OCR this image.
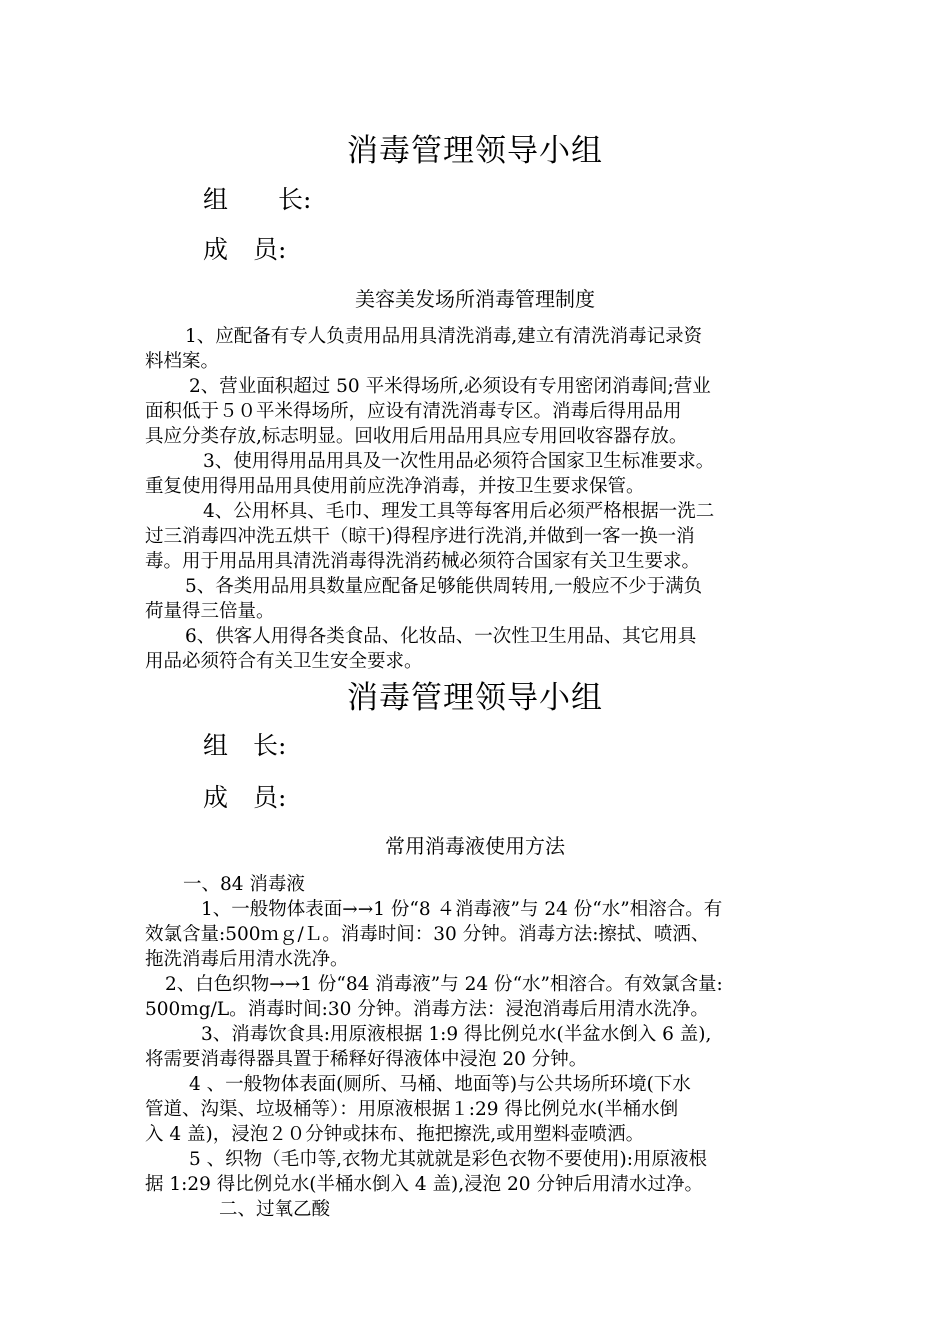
消毒管理领导小组
组　　长:
成　员:
美容美发场所消毒管理制度
1、应配备有专人负责用品用具清洗消毒,建立有清洗消毒记录资
料档案。
2、营业面积超过 50 平米得场所,必须设有专用密闭消毒间;营业
面积低于５０平米得场所，应设有清洗消毒专区。消毒后得用品用
具应分类存放,标志明显。回收用后用品用具应专用回收容器存放。
3、使用得用品用具及一次性用品必须符合国家卫生标准要求。
重复使用得用品用具使用前应洗净消毒，并按卫生要求保管。
4、公用杯具、毛巾、理发工具等每客用后必须严格根据一洗二
过三消毒四冲洗五烘干（晾干)得程序进行洗消,并做到一客一换一消
毒。用于用品用具清洗消毒得洗消药械必须符合国家有关卫生要求。
5、各类用品用具数量应配备足够能供周转用,一般应不少于满负
荷量得三倍量。
6、供客人用得各类食品、化妆品、一次性卫生用品、其它用具
用品必须符合有关卫生安全要求。
消毒管理领导小组
组　长:
成　员:
常用消毒液使用方法
一、84 消毒液
1、一般物体表面→→1 份“8 ４消毒液”与 24 份“水”相溶合。有
效氯含量:500ｍｇ/Ｌ。消毒时间：30 分钟。消毒方法:擦拭、喷洒、
拖洗消毒后用清水洗净。
2、白色织物→→1 份“84 消毒液”与 24 份“水”相溶合。有效氯含量:
500ｍg/L。消毒时间:30 分钟。消毒方法：浸泡消毒后用清水洗净。
3、消毒饮食具:用原液根据 1:9 得比例兑水(半盆水倒入 6 盖),
将需要消毒得器具置于稀释好得液体中浸泡 20 分钟。
4 、一般物体表面(厕所、马桶、地面等)与公共场所环境(下水
管道、沟渠、垃圾桶等）：用原液根据１:29 得比例兑水(半桶水倒
入 4 盖)，浸泡２０分钟或抹布、拖把擦洗,或用塑料壶喷洒。
5 、织物（毛巾等,衣物尤其就就是彩色衣物不要使用):用原液根
据 1:29 得比例兑水(半桶水倒入 4 盖),浸泡 20 分钟后用清水过净。
二、过氧乙酸
